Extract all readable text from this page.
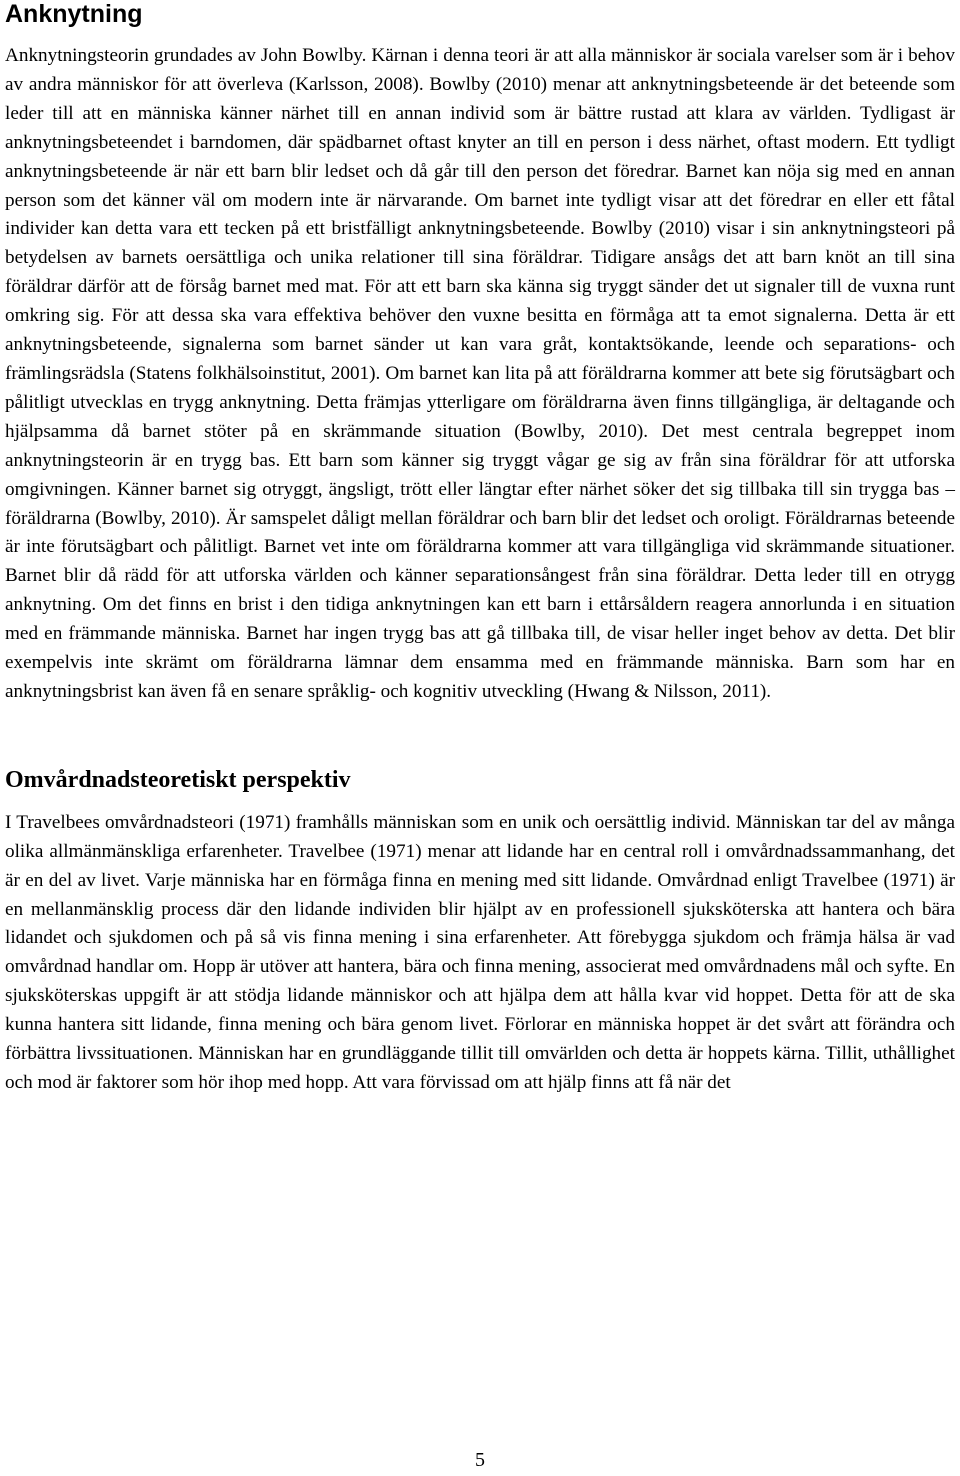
Anknytning

Anknytningsteorin grundades av John Bowlby. Kärnan i denna teori är att alla människor är sociala varelser som är i behov av andra människor för att överleva (Karlsson, 2008). Bowlby (2010) menar att anknytningsbeteende är det beteende som leder till att en människa känner närhet till en annan individ som är bättre rustad att klara av världen. Tydligast är anknytningsbeteendet i barndomen, där spädbarnet oftast knyter an till en person i dess närhet, oftast modern. Ett tydligt anknytningsbeteende är när ett barn blir ledset och då går till den person det föredrar. Barnet kan nöja sig med en annan person som det känner väl om modern inte är närvarande. Om barnet inte tydligt visar att det föredrar en eller ett fåtal individer kan detta vara ett tecken på ett bristfälligt anknytningsbeteende. Bowlby (2010) visar i sin anknytningsteori på betydelsen av barnets oersättliga och unika relationer till sina föräldrar. Tidigare ansågs det att barn knöt an till sina föräldrar därför att de försåg barnet med mat. För att ett barn ska känna sig tryggt sänder det ut signaler till de vuxna runt omkring sig. För att dessa ska vara effektiva behöver den vuxne besitta en förmåga att ta emot signalerna. Detta är ett anknytningsbeteende, signalerna som barnet sänder ut kan vara gråt, kontaktsökande, leende och separations- och främlingsrädsla (Statens folkhälsoinstitut, 2001). Om barnet kan lita på att föräldrarna kommer att bete sig förutsägbart och pålitligt utvecklas en trygg anknytning. Detta främjas ytterligare om föräldrarna även finns tillgängliga, är deltagande och hjälpsamma då barnet stöter på en skrämmande situation (Bowlby, 2010). Det mest centrala begreppet inom anknytningsteorin är en trygg bas. Ett barn som känner sig tryggt vågar ge sig av från sina föräldrar för att utforska omgivningen. Känner barnet sig otryggt, ängsligt, trött eller längtar efter närhet söker det sig tillbaka till sin trygga bas – föräldrarna (Bowlby, 2010). Är samspelet dåligt mellan föräldrar och barn blir det ledset och oroligt. Föräldrarnas beteende är inte förutsägbart och pålitligt. Barnet vet inte om föräldrarna kommer att vara tillgängliga vid skrämmande situationer. Barnet blir då rädd för att utforska världen och känner separationsångest från sina föräldrar. Detta leder till en otrygg anknytning. Om det finns en brist i den tidiga anknytningen kan ett barn i ettårsåldern reagera annorlunda i en situation med en främmande människa. Barnet har ingen trygg bas att gå tillbaka till, de visar heller inget behov av detta. Det blir exempelvis inte skrämt om föräldrarna lämnar dem ensamma med en främmande människa. Barn som har en anknytningsbrist kan även få en senare språklig- och kognitiv utveckling (Hwang & Nilsson, 2011).

Omvårdnadsteoretiskt perspektiv

I Travelbees omvårdnadsteori (1971) framhålls människan som en unik och oersättlig individ. Människan tar del av många olika allmänmänskliga erfarenheter. Travelbee (1971) menar att lidande har en central roll i omvårdnadssammanhang, det är en del av livet. Varje människa har en förmåga finna en mening med sitt lidande. Omvårdnad enligt Travelbee (1971) är en mellanmänsklig process där den lidande individen blir hjälpt av en professionell sjuksköterska att hantera och bära lidandet och sjukdomen och på så vis finna mening i sina erfarenheter. Att förebygga sjukdom och främja hälsa är vad omvårdnad handlar om. Hopp är utöver att hantera, bära och finna mening, associerat med omvårdnadens mål och syfte. En sjuksköterskas uppgift är att stödja lidande människor och att hjälpa dem att hålla kvar vid hoppet. Detta för att de ska kunna hantera sitt lidande, finna mening och bära genom livet. Förlorar en människa hoppet är det svårt att förändra och förbättra livssituationen. Människan har en grundläggande tillit till omvärlden och detta är hoppets kärna. Tillit, uthållighet och mod är faktorer som hör ihop med hopp. Att vara förvissad om att hjälp finns att få när det

5
